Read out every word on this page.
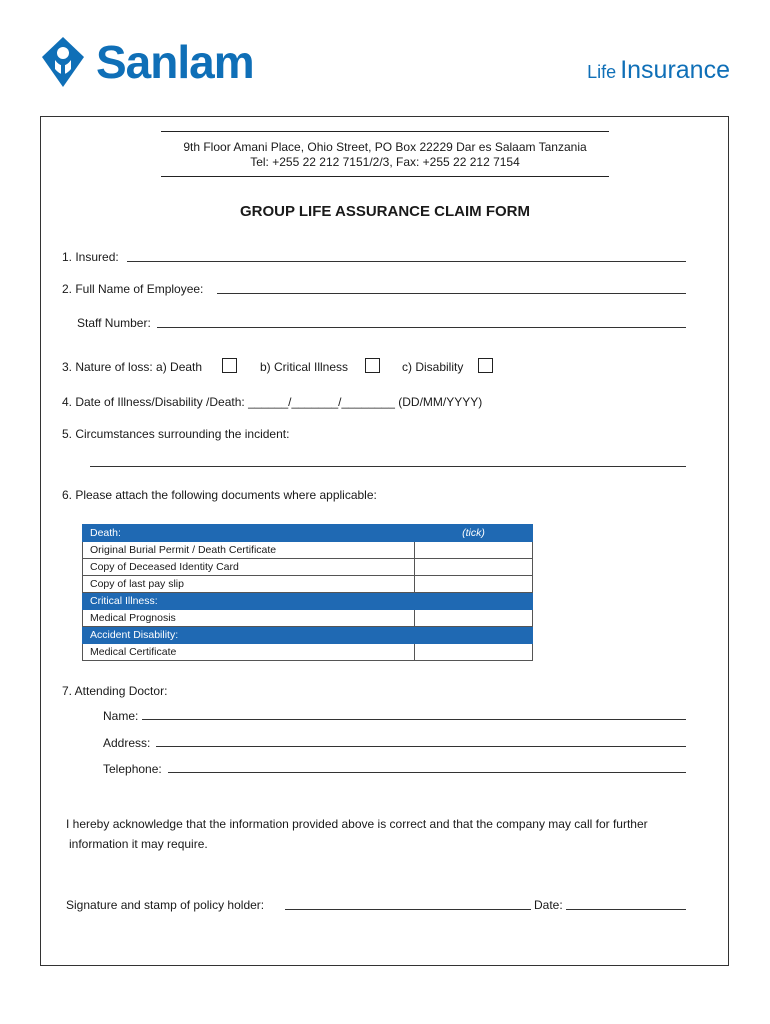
Sanlam	Life Insurance
9th Floor Amani Place, Ohio Street, PO Box 22229 Dar es Salaam Tanzania
Tel: +255 22 212 7151/2/3, Fax: +255 22 212 7154
GROUP LIFE ASSURANCE CLAIM FORM
1. Insured:
2. Full Name of Employee:
Staff Number:
3. Nature of loss: a) Death	b) Critical Illness	c) Disability
4. Date of Illness/Disability /Death: ______/_______/________ (DD/MM/YYYY)
5. Circumstances surrounding the incident:
6. Please attach the following documents where applicable:
Death:	(tick)
Original Burial Permit / Death Certificate	
Copy of Deceased Identity Card	
Copy of last pay slip	
Critical Illness:	
Medical Prognosis	
Accident Disability:	
Medical Certificate	
7. Attending Doctor:
Name:
Address:
Telephone:
I hereby acknowledge that the information provided above is correct and that the company may call for further
information it may require.
Signature and stamp of policy holder:	Date:
